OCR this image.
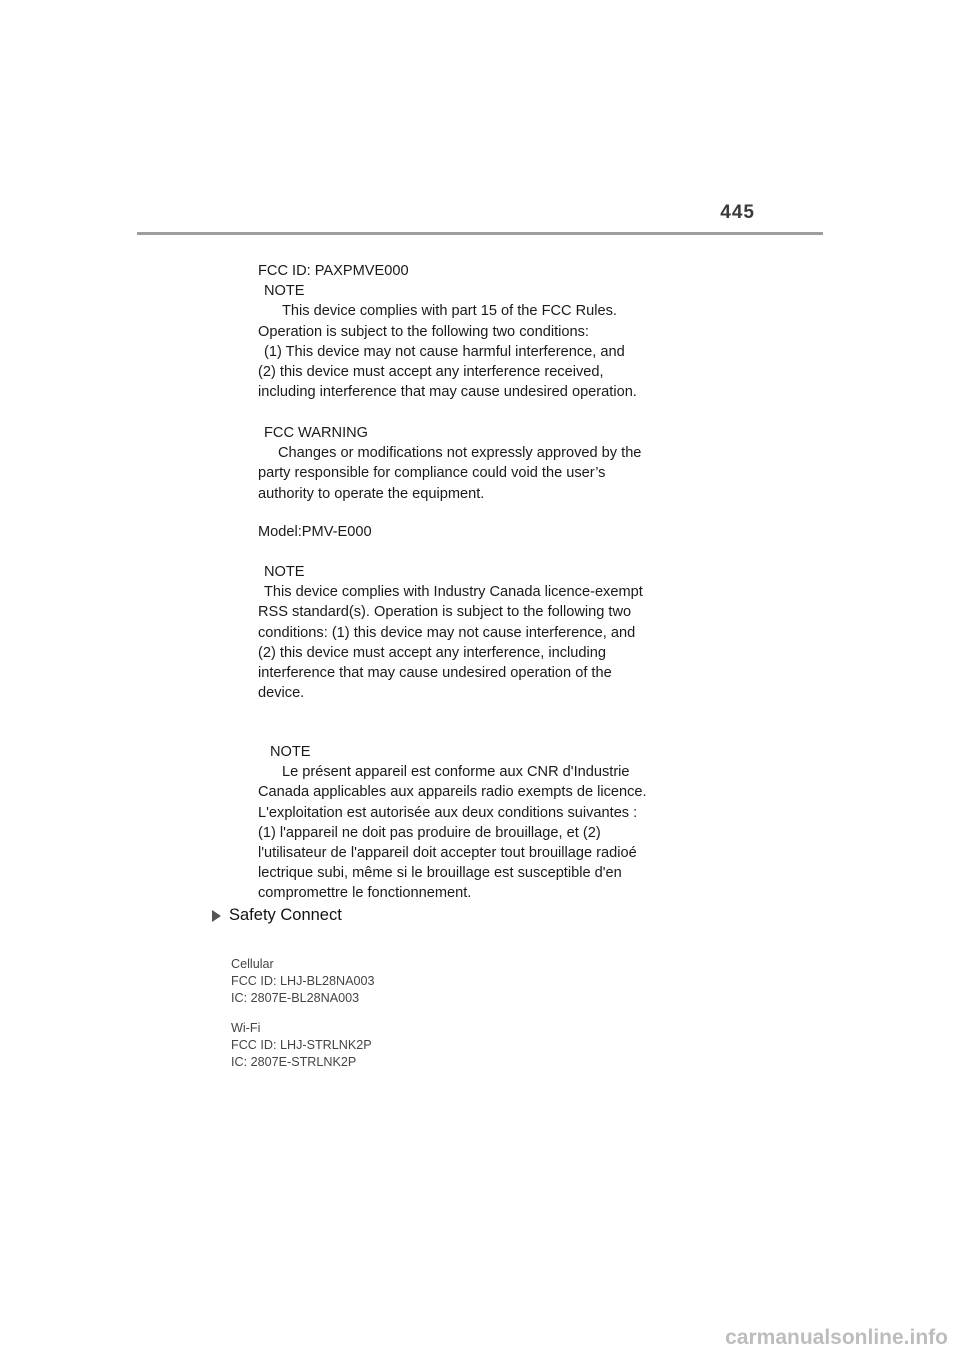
445

FCC ID: PAXPMVE000

NOTE

This device complies with part 15 of the FCC Rules.

Operation is subject to the following two conditions:

(1) This device may not cause harmful interference, and

(2) this device must accept any interference received,

including interference that may cause undesired operation.

FCC WARNING

Changes or modifications not expressly approved by the

party responsible for compliance could void the user’s

authority to operate the equipment.

Model:PMV-E000

NOTE

This device complies with Industry Canada licence-exempt

RSS standard(s). Operation is subject to the following two

conditions: (1) this device may not cause interference, and

(2) this device must accept any interference, including

interference that may cause undesired operation of the

device.

NOTE

Le présent appareil est conforme aux CNR d'Industrie

Canada applicables aux appareils radio exempts de licence.

L'exploitation est autorisée aux deux conditions suivantes :

(1) l'appareil ne doit pas produire de brouillage, et (2)

l'utilisateur de l'appareil doit accepter tout brouillage radioé

lectrique subi, même si le brouillage est susceptible d'en

compromettre le fonctionnement.

Safety Connect

Cellular

FCC ID: LHJ-BL28NA003

IC: 2807E-BL28NA003

Wi-Fi

FCC ID: LHJ-STRLNK2P

IC: 2807E-STRLNK2P

carmanualsonline.info
